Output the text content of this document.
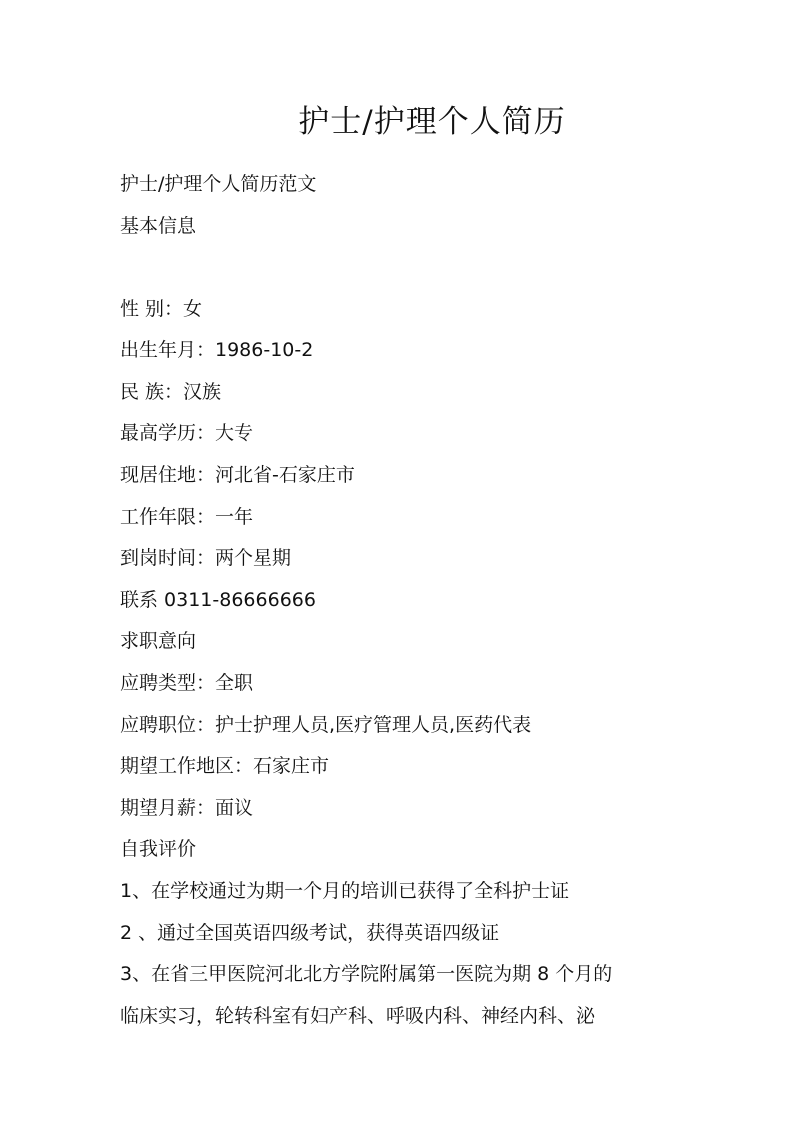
护士/护理个人简历
护士/护理个人简历范文
基本信息
性 别：女
出生年月：1986-10-2
民 族：汉族
最高学历：大专
现居住地：河北省-石家庄市
工作年限：一年
到岗时间：两个星期
联系 0311-86666666
求职意向
应聘类型：全职
应聘职位：护士护理人员,医疗管理人员,医药代表
期望工作地区：石家庄市
期望月薪：面议
自我评价
1、在学校通过为期一个月的培训已获得了全科护士证
2 、通过全国英语四级考试，获得英语四级证
3、在省三甲医院河北北方学院附属第一医院为期 8 个月的
临床实习，轮转科室有妇产科、呼吸内科、神经内科、泌
